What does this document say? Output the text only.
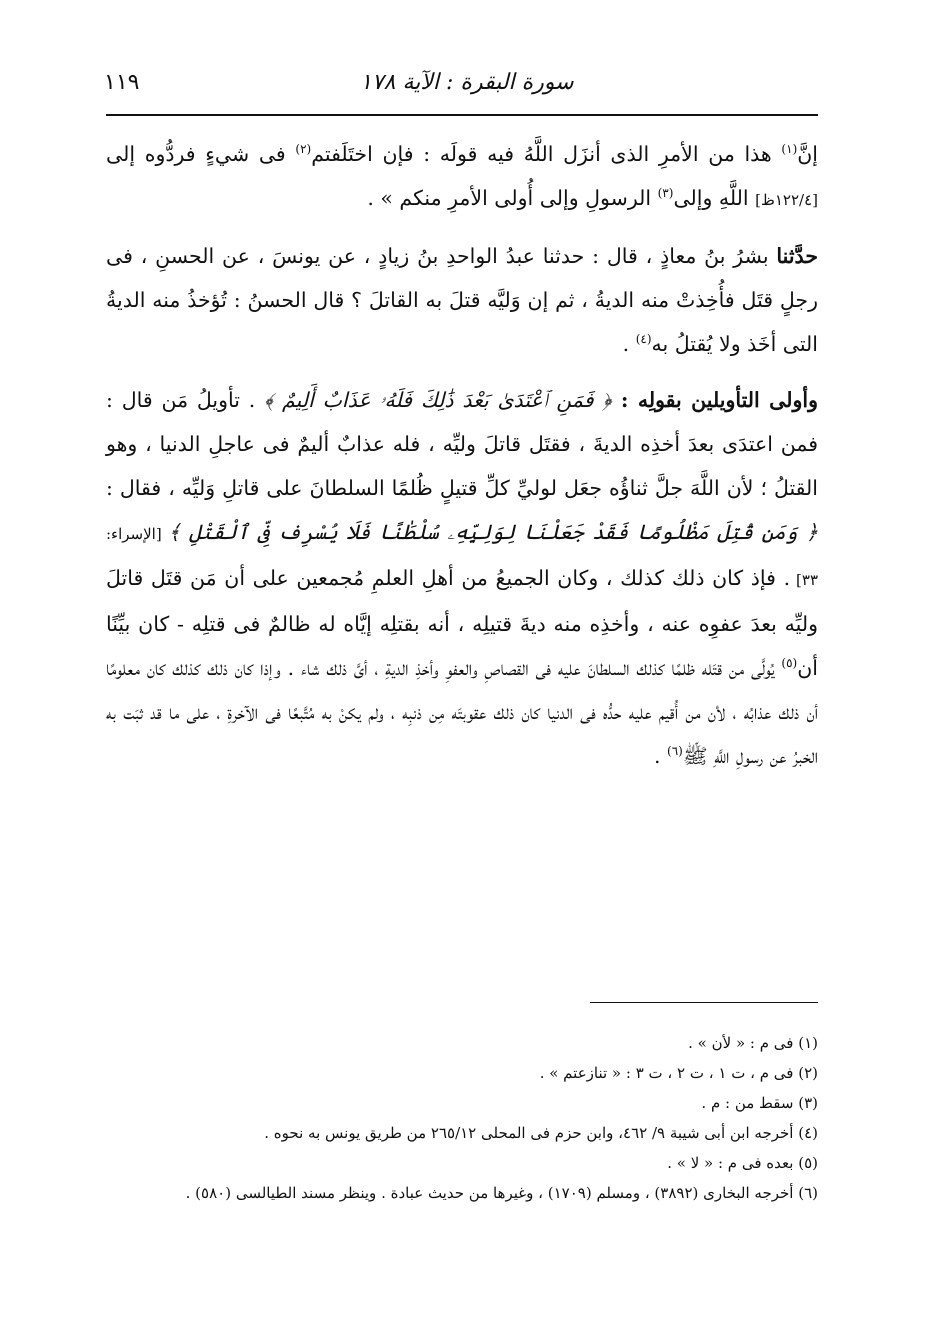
سورة البقرة : الآية ١٧٨
١١٩

إنَّ$^{(١)}$ هذا من الأمرِ الذى أنزَل اللَّهُ فيه قولَه : فإن اختَلَفتم$^{(٢)}$ فى شيءٍ فردُّوه إلى [١٢٢/٤ظ] اللَّهِ وإلى$^{(٣)}$ الرسولِ وإلى أُولى الأمرِ منكم » .

حدَّثنا بشرُ بنُ معاذٍ ، قال : حدثنا عبدُ الواحدِ بنُ زيادٍ ، عن يونسَ ، عن الحسنِ ، فى رجلٍ قتَل فأُخِذتْ منه الديةُ ، ثم إن وَليَّه قتلَ به القاتلَ ؟ قال الحسنُ : تُؤخذُ منه الديةُ التى أخَذ ولا يُقتلُ به$^{(٤)}$ .

وأولى التأويلين بقولِه : ﴿ فَمَنِ ٱعْتَدَىٰ بَعْدَ ذَٰلِكَ فَلَهُۥ عَذَابٌ أَلِيمٌ ﴾ . تأويلُ مَن قال : فمن اعتدَى بعدَ أخذِه الديةَ ، فقتَل قاتلَ وليِّه ، فله عذابٌ أليمٌ فى عاجلِ الدنيا ، وهو القتلُ ؛ لأن اللَّهَ جلَّ ثناؤُه جعَل لوليِّ كلِّ قتيلٍ ظُلمًا السلطانَ على قاتلِ وَليِّه ، فقال : ﴿ وَمَن قُتِلَ مَظْلُومًا فَقَدْ جَعَلْنَا لِوَلِيِّهِۦ سُلْطَٰنًا فَلَا يُسْرِف فِّى ٱلْقَتْلِ ﴾ [الإسراء: ٣٣] . فإذ كان ذلك كذلك ، وكان الجميعُ من أهلِ العلمِ مُجمعين على أن مَن قتَل قاتلَ وليِّه بعدَ عفوِه عنه ، وأخذِه منه ديةَ قتيلِه ، أنه بقتلِه إيَّاه له ظالمٌ فى قتلِه - كان بيِّنًا أن$^{(٥)}$ يُولَّى من قتَله ظلمًا كذلك السلطانَ عليه فى القصاصِ والعفوِ وأخذِ الديةِ ، أىَّ ذلك شاء . وإذا كان ذلك كذلك كان معلومًا أن ذلك عذابُه ، لأن من أُقيم عليه حدُّه فى الدنيا كان ذلك عقوبتَه مِن ذنبِه ، ولم يكنْ به مُتَّبعًا فى الآخرةِ ، على ما قد ثبَت به الخبرُ عن رسولِ اللَّهِ ﷺ$^{(٦)}$ .

(١) فى م : « لأن » .

(٢) فى م ، ت ١ ، ت ٢ ، ت ٣ : « تنازعتم » .

(٣) سقط من : م .

(٤) أخرجه ابن أبى شيبة ٩/ ٤٦٢، وابن حزم فى المحلى ٢٦٥/١٢ من طريق يونس به نحوه .

(٥) بعده فى م : « لا » .

(٦) أخرجه البخارى (٣٨٩٢) ، ومسلم (١٧٠٩) ، وغيرها من حديث عبادة . وينظر مسند الطيالسى (٥٨٠) .
